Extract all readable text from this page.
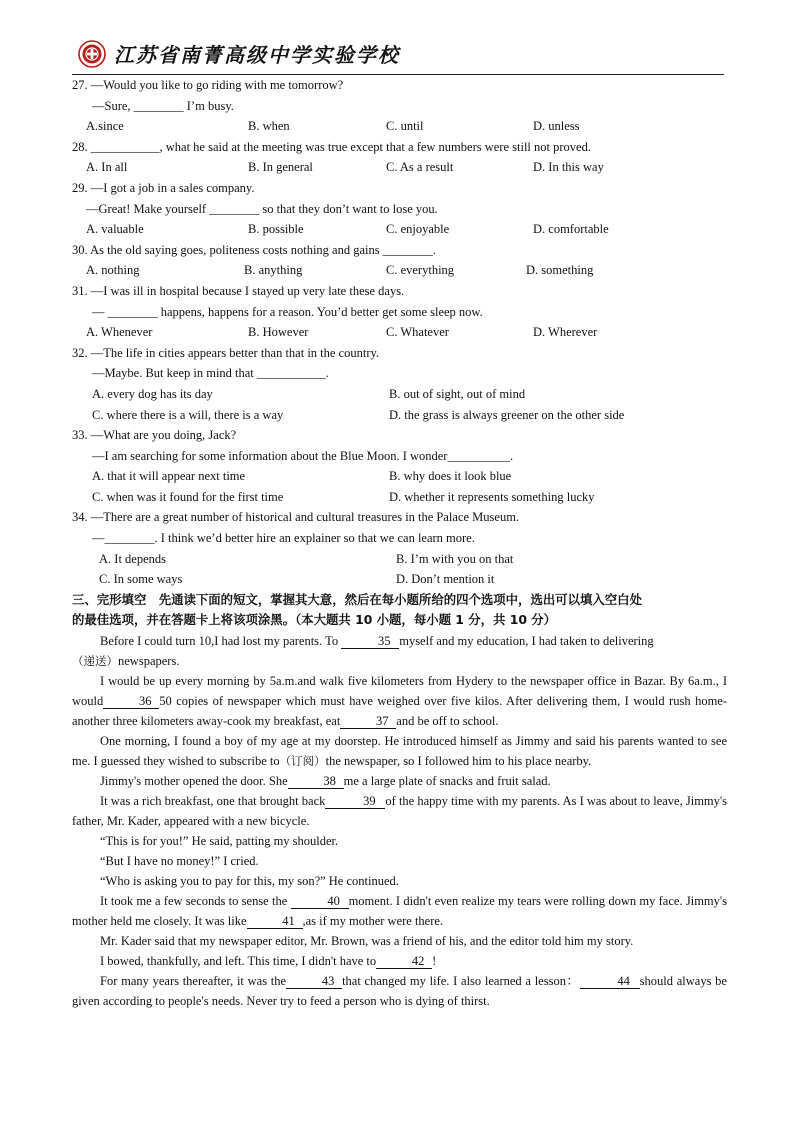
江苏省南菁高级中学实验学校
27. —Would you like to go riding with me tomorrow?
—Sure, ________ I’m busy.
A.since	B. when	C. until	D. unless
28. ___________, what he said at the meeting was true except that a few numbers were still not proved.
A. In all	B. In general	C. As a result	D. In this way
29. —I got a job in a sales company.
—Great! Make yourself ________ so that they don’t want to lose you.
A. valuable	B. possible	C. enjoyable	D. comfortable
30. As the old saying goes, politeness costs nothing and gains ________.
A. nothing	B. anything	C. everything	D. something
31. —I was ill in hospital because I stayed up very late these days.
— ________ happens, happens for a reason. You’d better get some sleep now.
A. Whenever	B. However	C. Whatever	D. Wherever
32. —The life in cities appears better than that in the country.
—Maybe. But keep in mind that ___________.
A. every dog has its day	B. out of sight, out of mind
C. where there is a will, there is a way	D. the grass is always greener on the other side
33. —What are you doing, Jack?
—I am searching for some information about the Blue Moon. I wonder__________.
A. that it will appear next time	B. why does it look blue
C. when was it found for the first time	D. whether it represents something lucky
34. —There are a great number of historical and cultural treasures in the Palace Museum.
—________. I think we’d better hire an explainer so that we can learn more.
A. It depends	B. I’m with you on that
C. In some ways	D. Don’t mention it
三、完形填空　先通读下面的短文，掌握其大意，然后在每小题所给的四个选项中，选出可以填入空白处
的最佳选项，并在答题卡上将该项涂黑。（本大题共 10 小题，每小题 1 分，共 10 分）
Before I could turn 10,I had lost my parents. To	35 myself and my education, I had taken to delivering
（递送）newspapers.
I would be up every morning by 5a.m.and walk five kilometers from Hydery to the newspaper office in Bazar. By 6a.m., I would	36 50 copies of newspaper which must have weighed over five kilos. After delivering them, I would rush home-another three kilometers away-cook my breakfast, eat	37 and be off to school.
One morning, I found a boy of my age at my doorstep. He introduced himself as Jimmy and said his parents wanted to see me. I guessed they wished to subscribe to（订阅）the newspaper, so I followed him to his place nearby.
Jimmy's mother opened the door. She	38 me a large plate of snacks and fruit salad.
It was a rich breakfast, one that brought back	39 of the happy time with my parents. As I was about to leave, Jimmy's father, Mr. Kader, appeared with a new bicycle.
“This is for you!” He said, patting my shoulder.
“But I have no money!” I cried.
“Who is asking you to pay for this, my son?” He continued.
It took me a few seconds to sense the	40 moment. I didn't even realize my tears were rolling down my face. Jimmy's mother held me closely. It was like	41 ,as if my mother were there.
Mr. Kader said that my newspaper editor, Mr. Brown, was a friend of his, and the editor told him my story.
I bowed, thankfully, and left. This time, I didn't have to	42 !
For many years thereafter, it was the	43 that changed my life. I also learned a lesson：	44 should always be given according to people's needs. Never try to feed a person who is dying of thirst.
